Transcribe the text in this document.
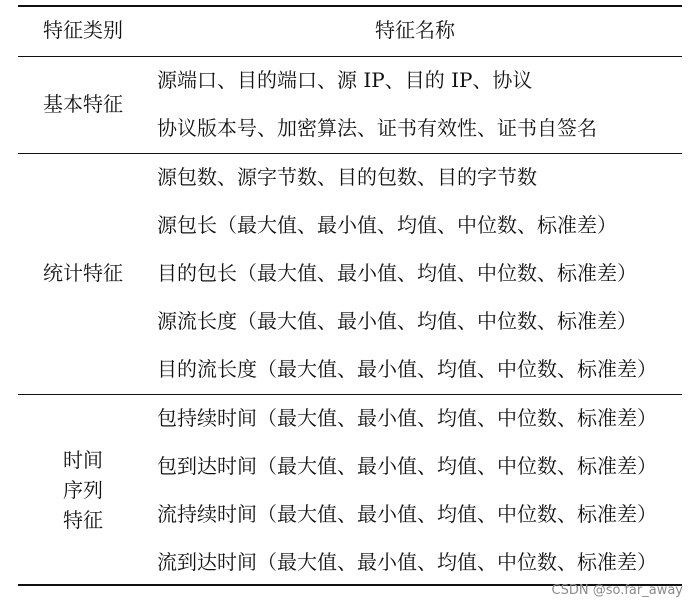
特征类别	特征名称
基本特征
源端口、目的端口、源 IP、目的 IP、协议
协议版本号、加密算法、证书有效性、证书自签名
统计特征
源包数、源字节数、目的包数、目的字节数
源包长（最大值、最小值、均值、中位数、标准差）
目的包长（最大值、最小值、均值、中位数、标准差）
源流长度（最大值、最小值、均值、中位数、标准差）
目的流长度（最大值、最小值、均值、中位数、标准差）
时间
序列
特征
包持续时间（最大值、最小值、均值、中位数、标准差）
包到达时间（最大值、最小值、均值、中位数、标准差）
流持续时间（最大值、最小值、均值、中位数、标准差）
流到达时间（最大值、最小值、均值、中位数、标准差）
CSDN @so.far_away
